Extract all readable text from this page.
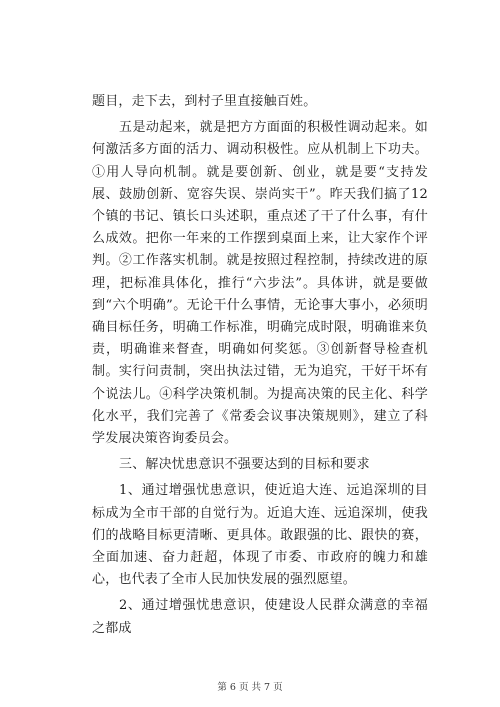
题目，走下去，到村子里直接触百姓。

五是动起来，就是把方方面面的积极性调动起来。如何激活多方面的活力、调动积极性。应从机制上下功夫。①用人导向机制。就是要创新、创业，就是要“支持发展、鼓励创新、宽容失误、崇尚实干”。昨天我们搞了12个镇的书记、镇长口头述职，重点述了干了什么事，有什么成效。把你一年来的工作摆到桌面上来，让大家作个评判。②工作落实机制。就是按照过程控制，持续改进的原理，把标准具体化，推行“六步法”。具体讲，就是要做到“六个明确”。无论干什么事情，无论事大事小，必须明确目标任务，明确工作标准，明确完成时限，明确谁来负责，明确谁来督查，明确如何奖惩。③创新督导检查机制。实行问责制，突出执法过错，无为追究，干好干坏有个说法儿。④科学决策机制。为提高决策的民主化、科学化水平，我们完善了《常委会议事决策规则》，建立了科学发展决策咨询委员会。

三、解决忧患意识不强要达到的目标和要求

1、通过增强忧患意识，使近追大连、远追深圳的目标成为全市干部的自觉行为。近追大连、远追深圳，使我们的战略目标更清晰、更具体。敢跟强的比、跟快的赛，全面加速、奋力赶超，体现了市委、市政府的魄力和雄心，也代表了全市人民加快发展的强烈愿望。

2、通过增强忧患意识，使建设人民群众满意的幸福之都成

第 6 页 共 7 页
